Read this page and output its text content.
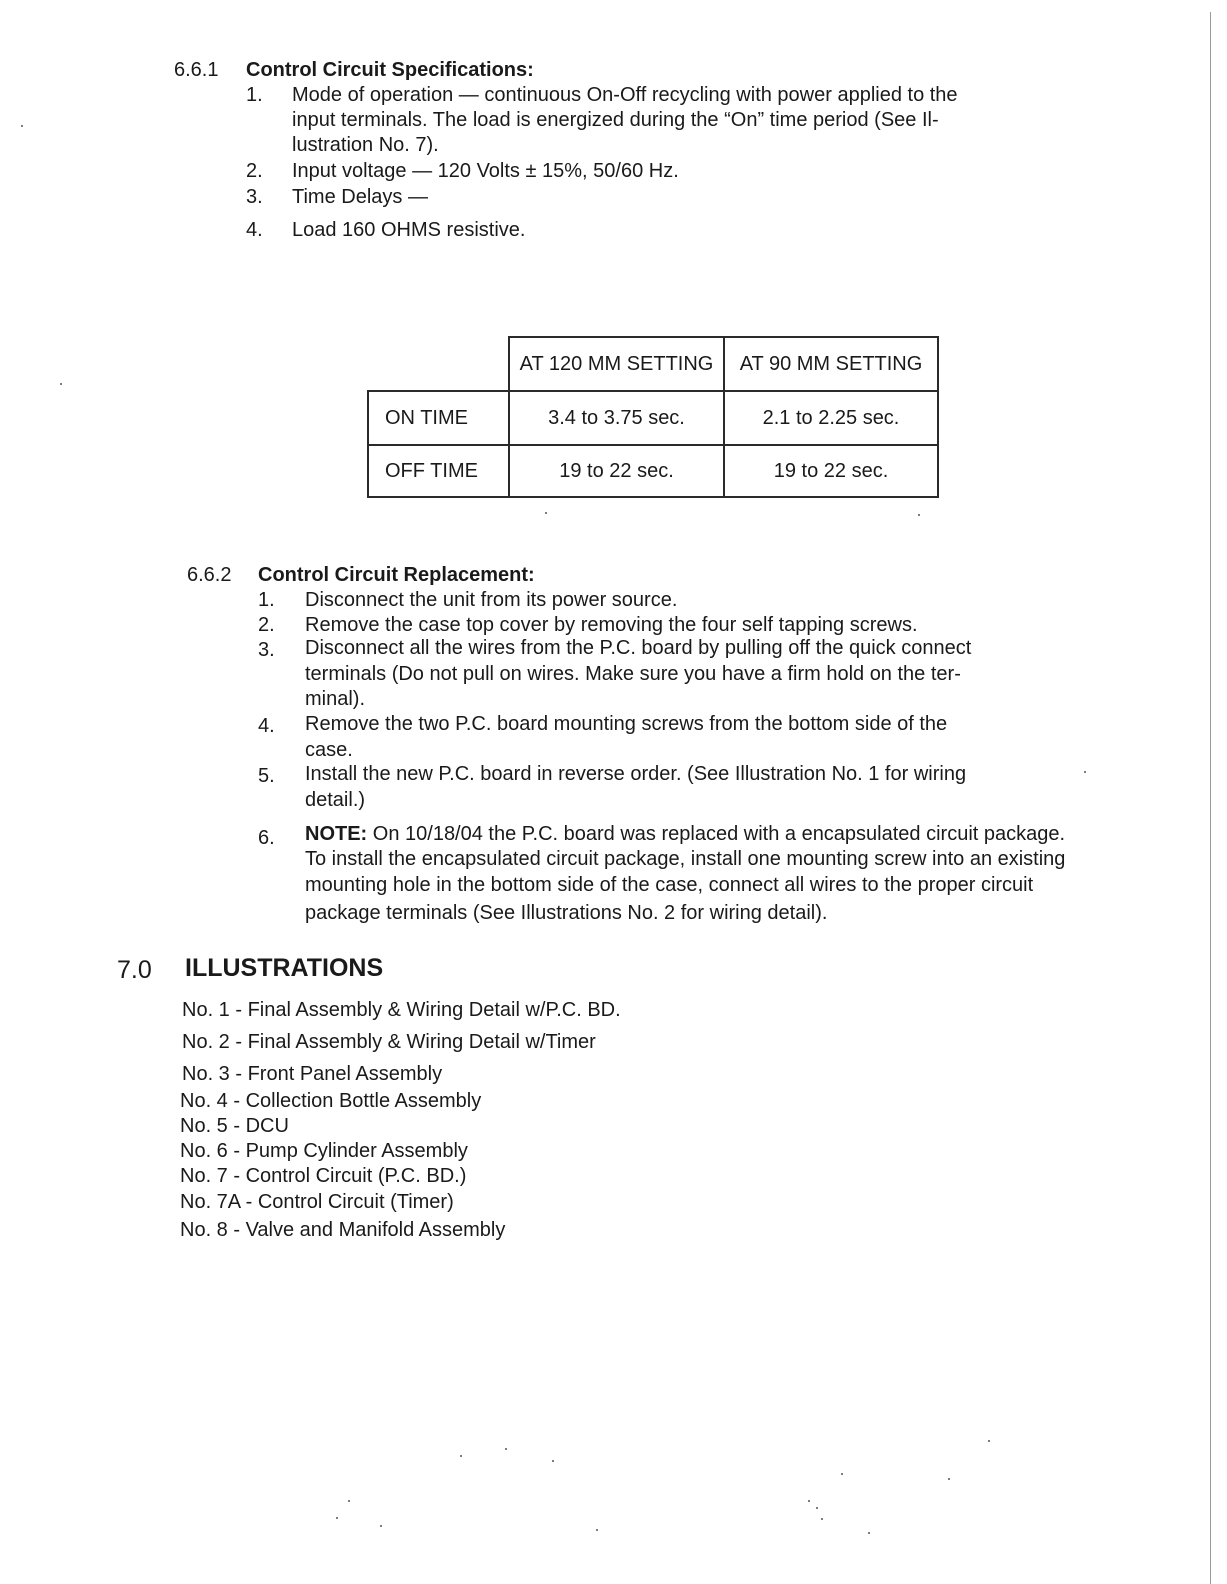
6.6.1 Control Circuit Specifications:
1. Mode of operation — continuous On-Off recycling with power applied to the
input terminals. The load is energized during the “On” time period (See Il-
lustration No. 7).
2. Input voltage — 120 Volts ± 15%, 50/60 Hz.
3. Time Delays —
4. Load 160 OHMS resistive.
	AT 120 MM SETTING	AT 90 MM SETTING
ON TIME	3.4 to 3.75 sec.	2.1 to 2.25 sec.
OFF TIME	19 to 22 sec.	19 to 22 sec.
6.6.2 Control Circuit Replacement:
1. Disconnect the unit from its power source.
2. Remove the case top cover by removing the four self tapping screws.
3. Disconnect all the wires from the P.C. board by pulling off the quick connect
terminals (Do not pull on wires. Make sure you have a firm hold on the ter-
minal).
4. Remove the two P.C. board mounting screws from the bottom side of the
case.
5. Install the new P.C. board in reverse order. (See Illustration No. 1 for wiring
detail.)
6. NOTE: On 10/18/04 the P.C. board was replaced with a encapsulated circuit package.
To install the encapsulated circuit package, install one mounting screw into an existing
mounting hole in the bottom side of the case, connect all wires to the proper circuit
package terminals (See Illustrations No. 2 for wiring detail).
7.0 ILLUSTRATIONS
No. 1 - Final Assembly & Wiring Detail w/P.C. BD.
No. 2 - Final Assembly & Wiring Detail w/Timer
No. 3 - Front Panel Assembly
No. 4 - Collection Bottle Assembly
No. 5 - DCU
No. 6 - Pump Cylinder Assembly
No. 7 - Control Circuit (P.C. BD.)
No. 7A - Control Circuit (Timer)
No. 8 - Valve and Manifold Assembly
